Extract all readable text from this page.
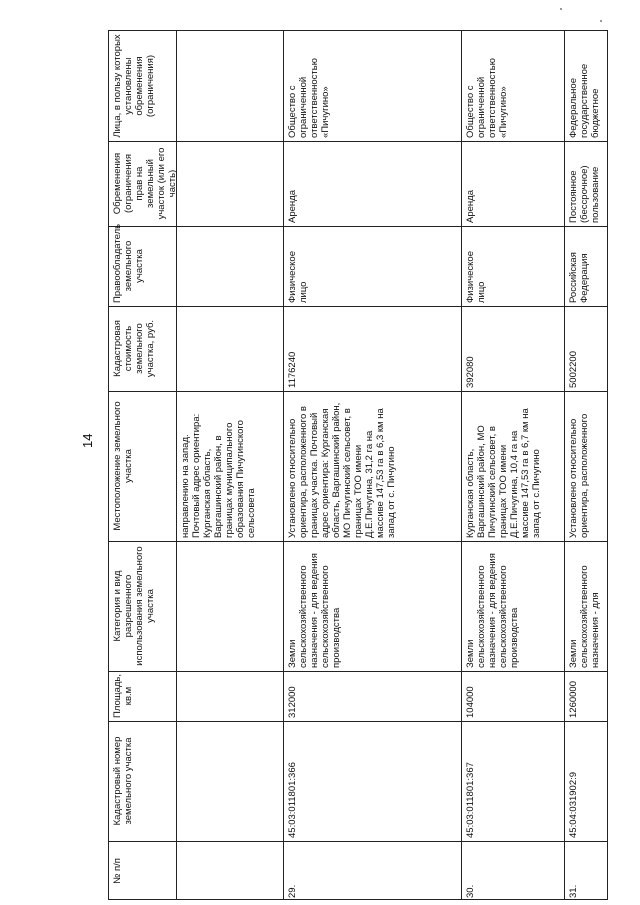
14
№ п/п
Кадастровый номер земельного участка
Площадь, кв.м
Категория и вид разрешенного использования земельного участка
Местоположение земельного участка
Кадастровая стоимость земельного участка, руб.
Правообладатель земельного участка
Обременения (ограничения прав на земельный участок (или его часть)
Лица, в пользу которых установлены обременения (ограничения)
направлению на запад. Почтовый адрес ориентира: Курганская область, Варгашинский район, в границах муниципального образования Пичугинского сельсовета
29.
45:03:011801:366
312000
Земли сельскохозяйственного назначения - для ведения сельскохозяйственного производства
Установлено относительно ориентира, расположенного в границах участка. Почтовый адрес ориентира: Курганская область, Варгашинский район, МО Пичугинский сельсовет, в границах ТОО имени Д.Е.Пичугина, 31,2 га на массиве 147,53 га в 6,3 км на запад от с. Пичугино
1176240
Физическое лицо
Аренда
Общество с ограниченной ответственностью «Пичугино»
30.
45:03:011801:367
104000
Земли сельскохозяйственного назначения - для ведения сельскохозяйственного производства
Курганская область, Варгашинский район, МО Пичугинский сельсовет, в границах ТОО имени Д.Е.Пичугина, 10,4 га на массиве 147,53 га в 6,7 км на запад от с.Пичугино
392080
Физическое лицо
Аренда
Общество с ограниченной ответственностью «Пичугино»
31.
45:04:031902:9
1260000
Земли сельскохозяйственного назначения - для
Установлено относительно ориентира, расположенного
5002200
Российская Федерация
Постоянное (бессрочное) пользование
Федеральное государственное бюджетное
